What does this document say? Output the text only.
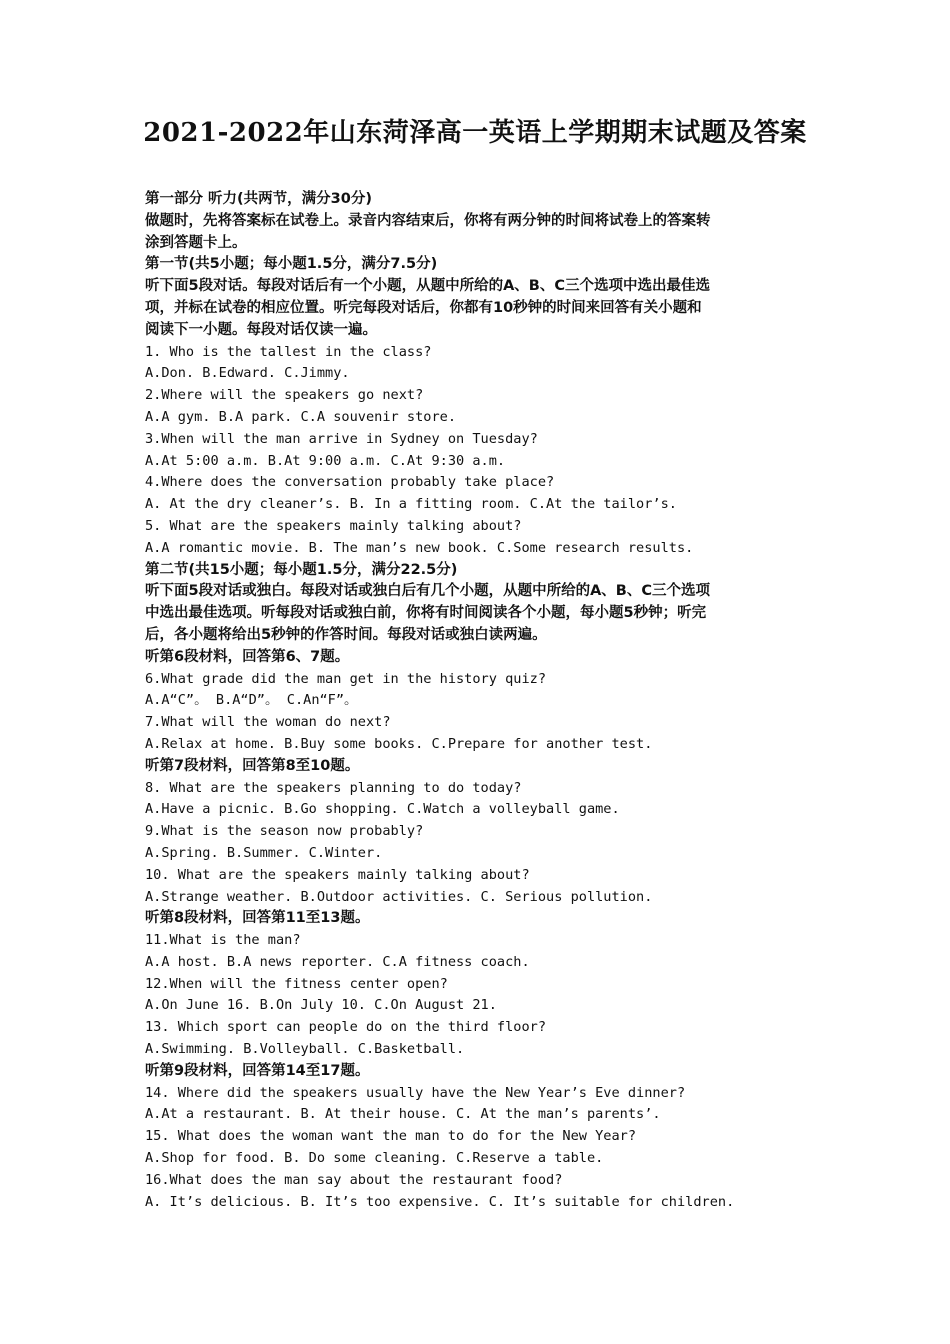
2021-2022年山东菏泽高一英语上学期期末试题及答案
第一部分 听力(共两节，满分30分)
做题时，先将答案标在试卷上。录音内容结束后，你将有两分钟的时间将试卷上的答案转
涂到答题卡上。
第一节(共5小题；每小题1.5分，满分7.5分)
听下面5段对话。每段对话后有一个小题，从题中所给的A、B、C三个选项中选出最佳选
项，并标在试卷的相应位置。听完每段对话后，你都有10秒钟的时间来回答有关小题和
阅读下一小题。每段对话仅读一遍。
1. Who is the tallest in the class?
A.Don. B.Edward. C.Jimmy.
2.Where will the speakers go next?
A.A gym. B.A park. C.A souvenir store.
3.When will the man arrive in Sydney on Tuesday?
A.At 5:00 a.m. B.At 9:00 a.m. C.At 9:30 a.m.
4.Where does the conversation probably take place?
A. At the dry cleaner’s. B. In a fitting room. C.At the tailor’s.
5. What are the speakers mainly talking about?
A.A romantic movie. B. The man’s new book. C.Some research results.
第二节(共15小题；每小题1.5分，满分22.5分)
听下面5段对话或独白。每段对话或独白后有几个小题，从题中所给的A、B、C三个选项
中选出最佳选项。听每段对话或独白前，你将有时间阅读各个小题，每小题5秒钟；听完
后，各小题将给出5秒钟的作答时间。每段对话或独白读两遍。
听第6段材料，回答第6、7题。
6.What grade did the man get in the history quiz?
A.A“C”。 B.A“D”。 C.An“F”。
7.What will the woman do next?
A.Relax at home. B.Buy some books. C.Prepare for another test.
听第7段材料，回答第8至10题。
8. What are the speakers planning to do today?
A.Have a picnic. B.Go shopping. C.Watch a volleyball game.
9.What is the season now probably?
A.Spring. B.Summer. C.Winter.
10. What are the speakers mainly talking about?
A.Strange weather. B.Outdoor activities. C. Serious pollution.
听第8段材料，回答第11至13题。
11.What is the man?
A.A host. B.A news reporter. C.A fitness coach.
12.When will the fitness center open?
A.On June 16. B.On July 10. C.On August 21.
13. Which sport can people do on the third floor?
A.Swimming. B.Volleyball. C.Basketball.
听第9段材料，回答第14至17题。
14. Where did the speakers usually have the New Year’s Eve dinner?
A.At a restaurant. B. At their house. C. At the man’s parents’.
15. What does the woman want the man to do for the New Year?
A.Shop for food. B. Do some cleaning. C.Reserve a table.
16.What does the man say about the restaurant food?
A. It’s delicious. B. It’s too expensive. C. It’s suitable for children.
